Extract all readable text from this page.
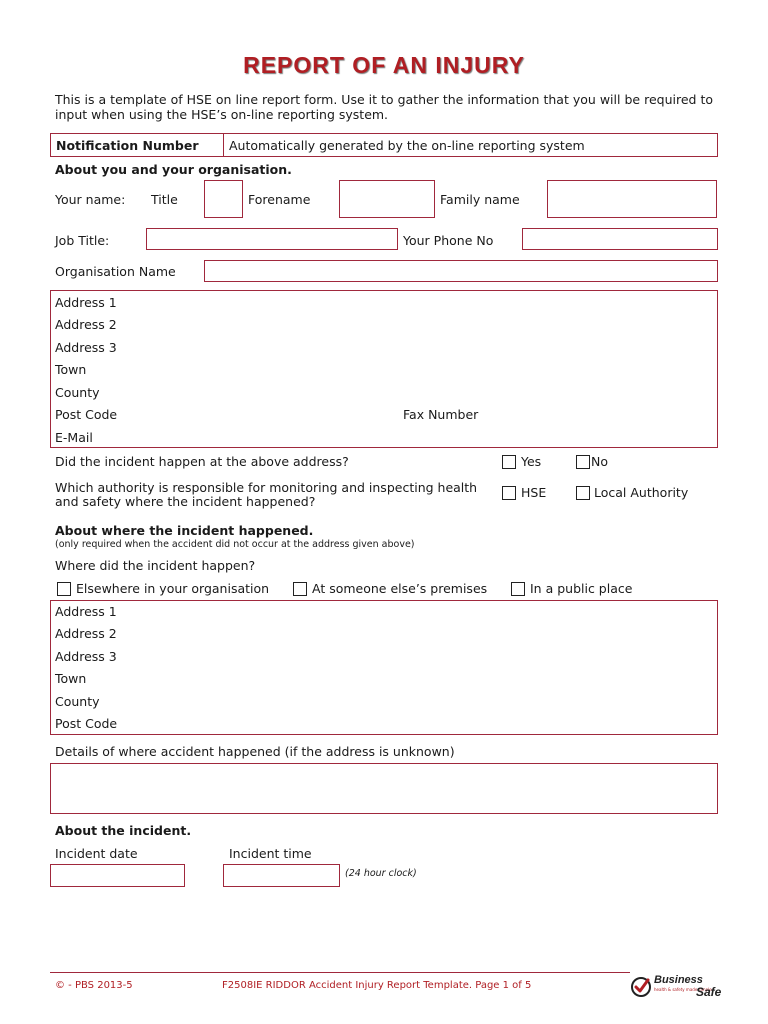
REPORT OF AN INJURY
This is a template of HSE on line report form. Use it to gather the information that you will be required to input when using the HSE’s on-line reporting system.
Notification Number Automatically generated by the on-line reporting system
About you and your organisation.
Your name: Title	Forename	Family name
Job Title:	Your Phone No
Organisation Name
Address 1
Address 2
Address 3
Town
County
Post Code	Fax Number
E-Mail
Did the incident happen at the above address?	Yes	No
Which authority is responsible for monitoring and inspecting health
and safety where the incident happened?
HSE	Local Authority
About where the incident happened.
(only required when the accident did not occur at the address given above)
Where did the incident happen?
Elsewhere in your organisation	At someone else’s premises	In a public place
Address 1
Address 2
Address 3
Town
County
Post Code
Details of where accident happened (if the address is unknown)
About the incident.
Incident date	Incident time
(24 hour clock)
© - PBS 2013-5	F2508IE RIDDOR Accident Injury Report Template. Page 1 of 5	Business
health & safety made simple
Safe
